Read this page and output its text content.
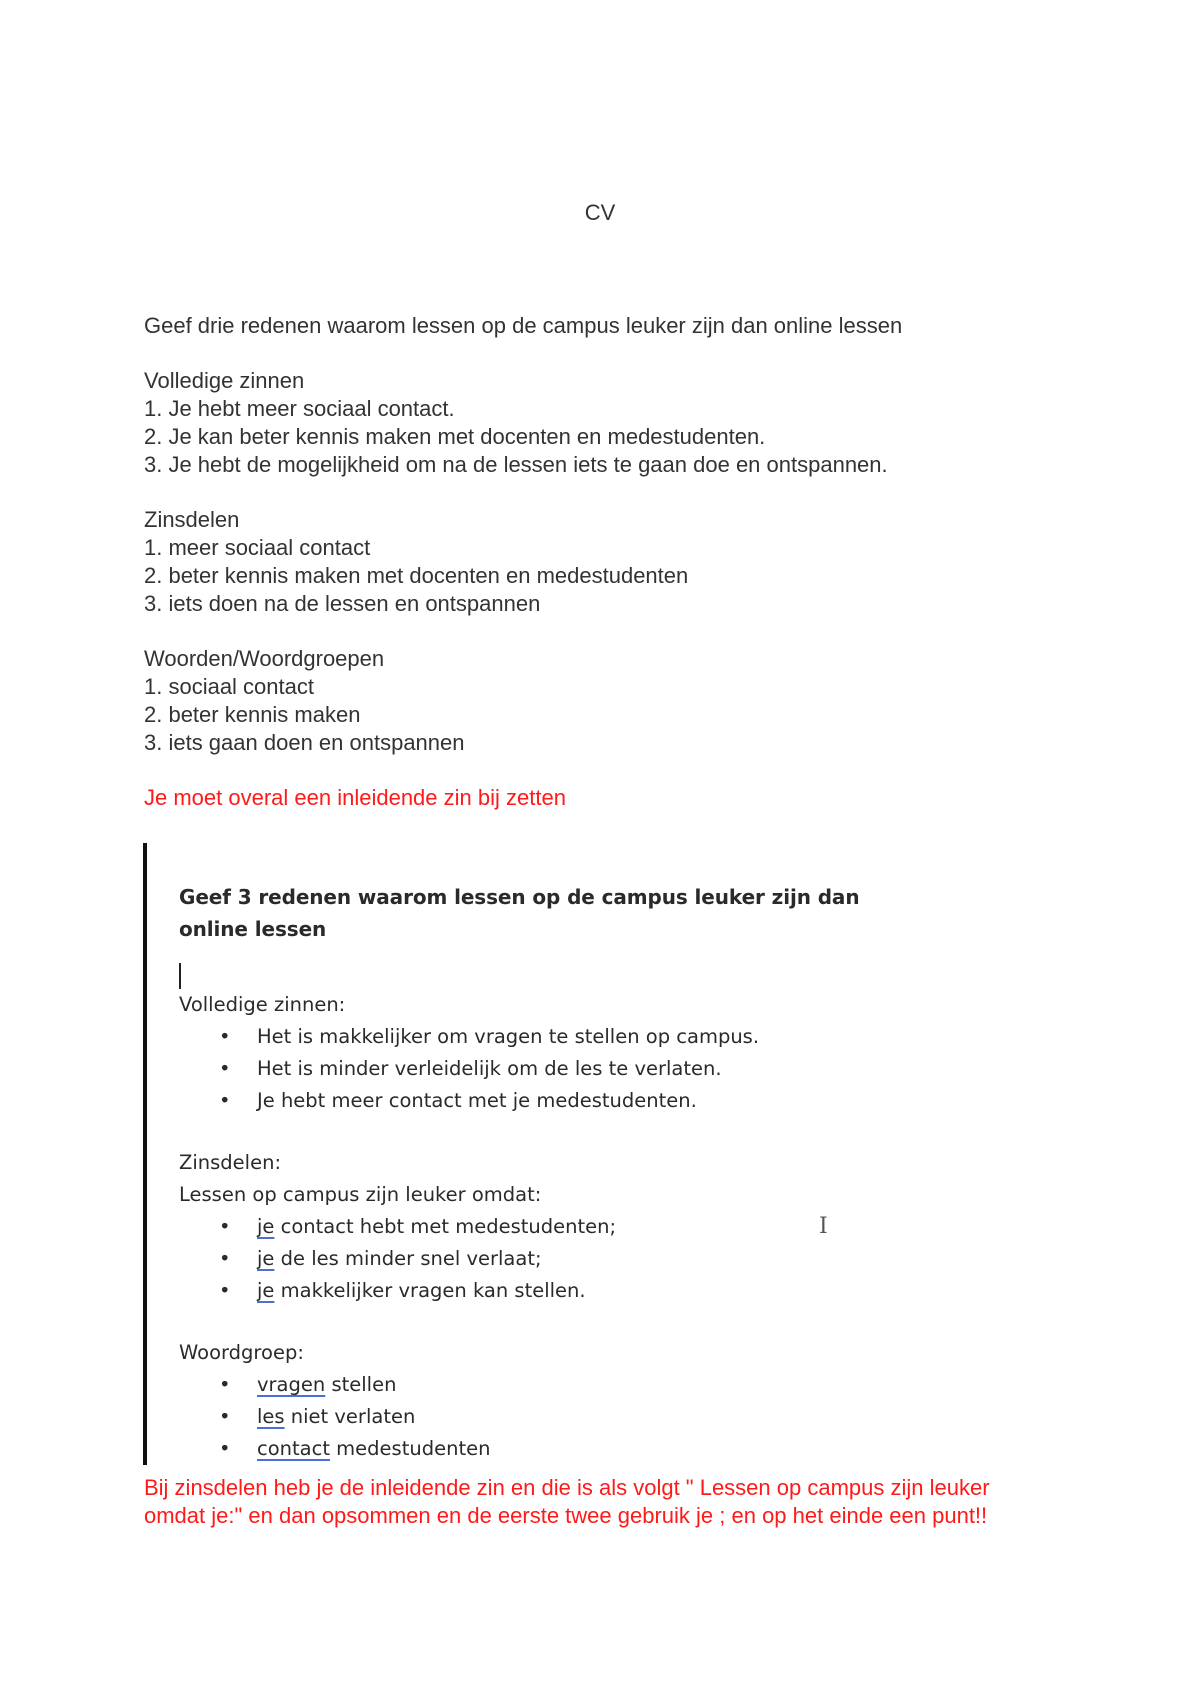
CV

Geef drie redenen waarom lessen op de campus leuker zijn dan online lessen

Volledige zinnen

1. Je hebt meer sociaal contact.

2. Je kan beter kennis maken met docenten en medestudenten.

3. Je hebt de mogelijkheid om na de lessen iets te gaan doe en ontspannen.

Zinsdelen

1. meer sociaal contact

2. beter kennis maken met docenten en medestudenten

3. iets doen na de lessen en ontspannen

Woorden/Woordgroepen

1. sociaal contact

2. beter kennis maken

3. iets gaan doen en ontspannen

Je moet overal een inleidende zin bij zetten

Geef 3 redenen waarom lessen op de campus leuker zijn dan online lessen

Volledige zinnen:

• Het is makkelijker om vragen te stellen op campus.
• Het is minder verleidelijk om de les te verlaten.
• Je hebt meer contact met je medestudenten.

Zinsdelen:

Lessen op campus zijn leuker omdat:

• je contact hebt met medestudenten;
• je de les minder snel verlaat;
• je makkelijker vragen kan stellen.

Woordgroep:

• vragen stellen
• les niet verlaten
• contact medestudenten
I

Bij zinsdelen heb je de inleidende zin en die is als volgt " Lessen op campus zijn leuker omdat je:" en dan opsommen en de eerste twee gebruik je ; en op het einde een punt!!
